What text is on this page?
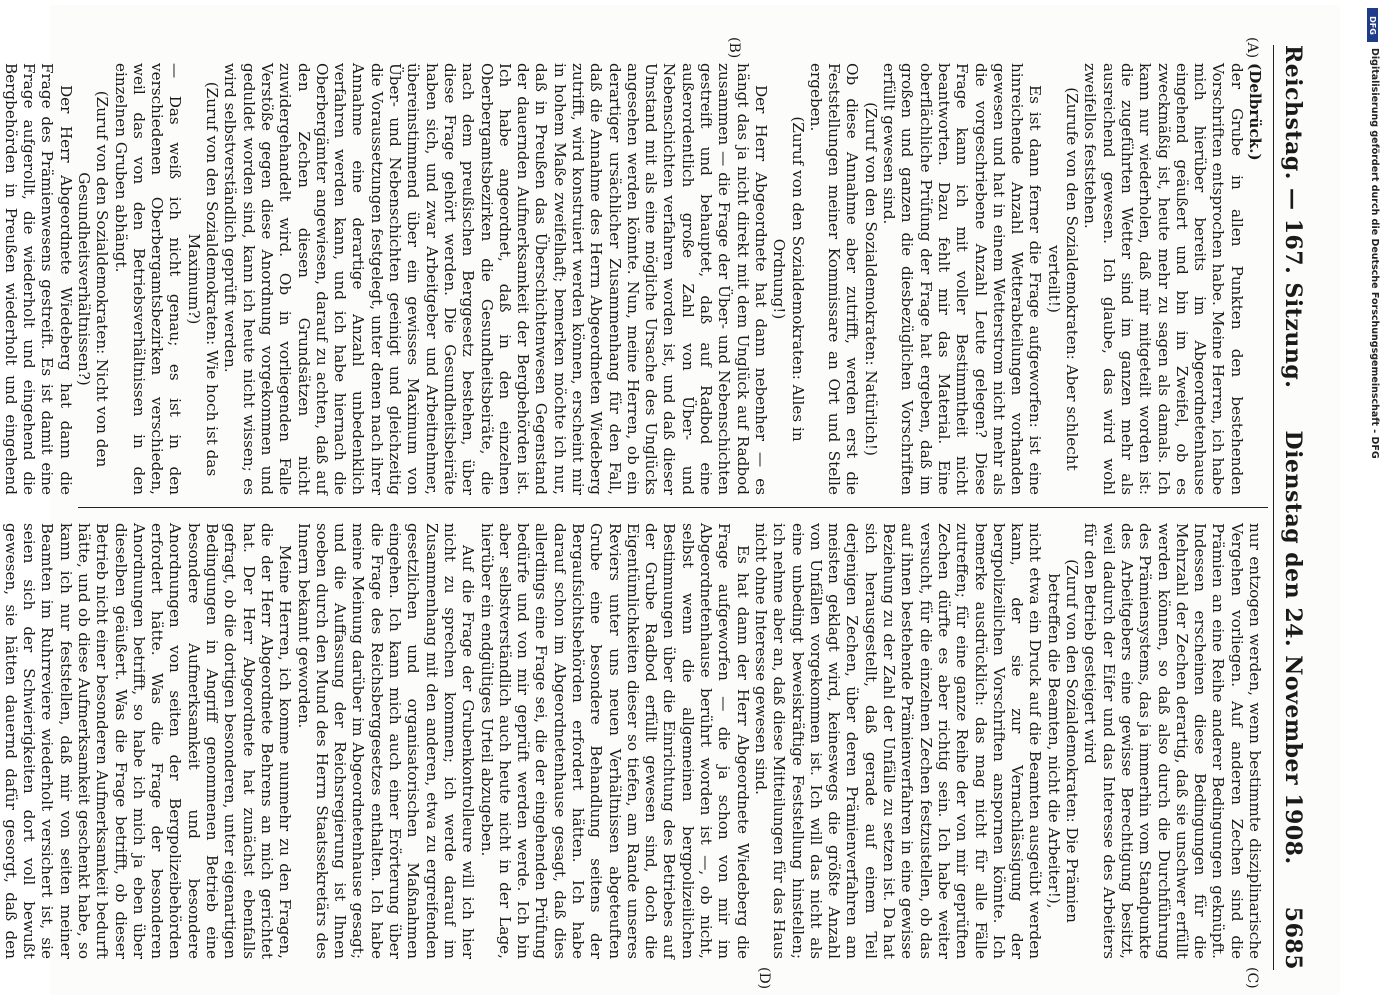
Reichstag. — 167. Sitzung.
Dienstag den 24. November 1908.
5685
(A)
(B)
(C)
(D)

(Delbrück.)

der Grube in allen Punkten den bestehenden Vorschriften entsprochen habe. Meine Herren, ich habe mich hierüber bereits im Abgeordnetenhause eingehend geäußert und bin im Zweifel, ob es zweckmäßig ist, heute mehr zu sagen als damals. Ich kann nur wiederholen, daß mir mitgeteilt worden ist: die zugeführten Wetter sind im ganzen mehr als ausreichend gewesen. Ich glaube, das wird wohl zweifellos feststehen.

(Zurufe von den Sozialdemokraten: Aber schlecht verteilt!)

Es ist dann ferner die Frage aufgeworfen: ist eine hinreichende Anzahl Wetterabteilungen vorhanden gewesen und hat in einem Wetterstrom nicht mehr als die vorgeschriebene Anzahl Leute gelegen? Diese Frage kann ich mit voller Bestimmtheit nicht beantworten. Dazu fehlt mir das Material. Eine oberflächliche Prüfung der Frage hat ergeben, daß im großen und ganzen die diesbezüglichen Vorschriften erfüllt gewesen sind.

(Zuruf von den Sozialdemokraten: Natürlich!)

Ob diese Annahme aber zutrifft, werden erst die Feststellungen meiner Kommissare an Ort und Stelle ergeben.

(Zuruf von den Sozialdemokraten: Alles in Ordnung!)

Der Herr Abgeordnete hat dann nebenher — es hängt das ja nicht direkt mit dem Unglück auf Radbod zusammen — die Frage der Über- und Nebenschichten gestreift und behauptet, daß auf Radbod eine außerordentlich große Zahl von Über- und Nebenschichten verfahren worden ist, und daß dieser Umstand mit als eine mögliche Ursache des Unglücks angesehen werden könnte. Nun, meine Herren, ob ein derartiger ursächlicher Zusammenhang für den Fall, daß die Annahme des Herrn Abgeordneten Wiedeberg zutrifft, wird konstruiert werden können, erscheint mir in hohem Maße zweifelhaft; bemerken möchte ich nur, daß in Preußen das Überschichtenwesen Gegenstand der dauernden Aufmerksamkeit der Bergbehörden ist. Ich habe angeordnet, daß in den einzelnen Oberbergamtsbezirken die Gesundheitsbeiräte, die nach dem preußischen Berggesetz bestehen, über diese Frage gehört werden. Die Gesundheitsbeiräte haben sich, und zwar Arbeitgeber und Arbeitnehmer, übereinstimmend über ein gewisses Maximum von Über- und Nebenschichten geeinigt und gleichzeitig die Voraussetzungen festgelegt, unter denen nach ihrer Annahme eine derartige Anzahl unbedenklich verfahren werden kann, und ich habe hiernach die Oberbergämter angewiesen, darauf zu achten, daß auf den Zechen diesen Grundsätzen nicht zuwidergehandelt wird. Ob in vorliegenden Falle Verstöße gegen diese Anordnung vorgekommen und geduldet worden sind, kann ich heute nicht wissen; es wird selbstverständlich geprüft werden.

(Zuruf von den Sozialdemokraten: Wie hoch ist das Maximum?)

— Das weiß ich nicht genau; es ist in den verschiedenen Oberbergamtsbezirken verschieden, weil das von den Betriebsverhältnissen in den einzelnen Gruben abhängt.

(Zuruf von den Sozialdemokraten: Nicht von den Gesundheitsverhältnissen?)

Der Herr Abgeordnete Wiedeberg hat dann die Frage des Prämienwesens gestreift. Es ist damit eine Frage aufgerollt, die wiederholt und eingehend die Bergbehörden in Preußen wiederholt und eingehend

nur entzogen werden, wenn bestimmte disziplinarische Vergehen vorliegen. Auf anderen Zechen sind die Prämien an eine Reihe anderer Bedingungen geknüpft. Indessen erscheinen diese Bedingungen für die Mehrzahl der Zechen derartig, daß sie unschwer erfüllt werden können, so daß also durch die Durchführung des Prämiensystems, das ja immerhin vom Standpunkte des Arbeitgebers eine gewisse Berechtigung besitzt, weil dadurch der Eifer und das Interesse des Arbeiters für den Betrieb gesteigert wird

(Zuruf von den Sozialdemokraten: Die Prämien betreffen die Beamten, nicht die Arbeiter!),

nicht etwa ein Druck auf die Beamten ausgeübt werden kann, der sie zur Vernachlässigung der bergpolizeilichen Vorschriften anspornen könnte. Ich bemerke ausdrücklich: das mag nicht für alle Fälle zutreffen; für eine ganze Reihe der von mir geprüften Zechen dürfte es aber richtig sein. Ich habe weiter versucht, für die einzelnen Zechen festzustellen, ob das auf ihnen bestehende Prämienverfahren in eine gewisse Beziehung zu der Zahl der Unfälle zu setzen ist. Da hat sich herausgestellt, daß gerade auf einem Teil derjenigen Zechen, über deren Prämienverfahren am meisten geklagt wird, keineswegs die größte Anzahl von Unfällen vorgekommen ist. Ich will das nicht als eine unbedingt beweiskräftige Feststellung hinstellen; ich nehme aber an, daß diese Mitteilungen für das Haus nicht ohne Interesse gewesen sind.

Es hat dann der Herr Abgeordnete Wiedeberg die Frage aufgeworfen — die ja schon von mir im Abgeordnetenhause berührt worden ist —, ob nicht, selbst wenn die allgemeinen bergpolizeilichen Bestimmungen über die Einrichtung des Betriebes auf der Grube Radbod erfüllt gewesen sind, doch die Eigentümlichkeiten dieser so tiefen, am Rande unseres Reviers unter uns neuen Verhältnissen abgeteuften Grube eine besondere Behandlung seitens der Bergaufsichtsbehörden erfordert hätten. Ich habe darauf schon im Abgeordnetenhause gesagt, daß dies allerdings eine Frage sei, die der eingehenden Prüfung bedürfe und von mir geprüft werden werde. Ich bin aber selbstverständlich auch heute nicht in der Lage, hierüber ein endgültiges Urteil abzugeben.

Auf die Frage der Grubenkontrolleure will ich hier nicht zu sprechen kommen; ich werde darauf im Zusammenhang mit den anderen, etwa zu ergreifenden gesetzlichen und organisatorischen Maßnahmen eingehen. Ich kann mich auch einer Erörterung über die Frage des Reichsberggesetzes enthalten. Ich habe meine Meinung darüber im Abgeordnetenhause gesagt; und die Auffassung der Reichsregierung ist Ihnen soeben durch den Mund des Herrn Staatssekretärs des Innern bekannt geworden.

Meine Herren, ich komme nunmehr zu den Fragen, die der Herr Abgeordnete Behrens an mich gerichtet hat. Der Herr Abgeordnete hat zunächst ebenfalls gefragt, ob die dortigen besonderen, unter eigenartigen Bedingungen in Angriff genommenen Betrieb eine besondere Aufmerksamkeit und besondere Anordnungen von seiten der Bergpolizeibehörden erfordert hätte. Was die Frage der besonderen Anordnungen betrifft, so habe ich mich ja eben über dieselben geäußert. Was die Frage betrifft, ob dieser Betrieb nicht einer besonderen Aufmerksamkeit bedurft hätte, und ob diese Aufmerksamkeit geschenkt habe, so kann ich nur feststellen, daß mir von seiten meiner Beamten im Ruhrreviere wiederholt versichert ist, sie seien sich der Schwierigkeiten dort voll bewußt gewesen, sie hätten dauernd dafür gesorgt, daß den

DFG
Digitalisierung gefördert durch die Deutsche Forschungsgemeinschaft - DFG
